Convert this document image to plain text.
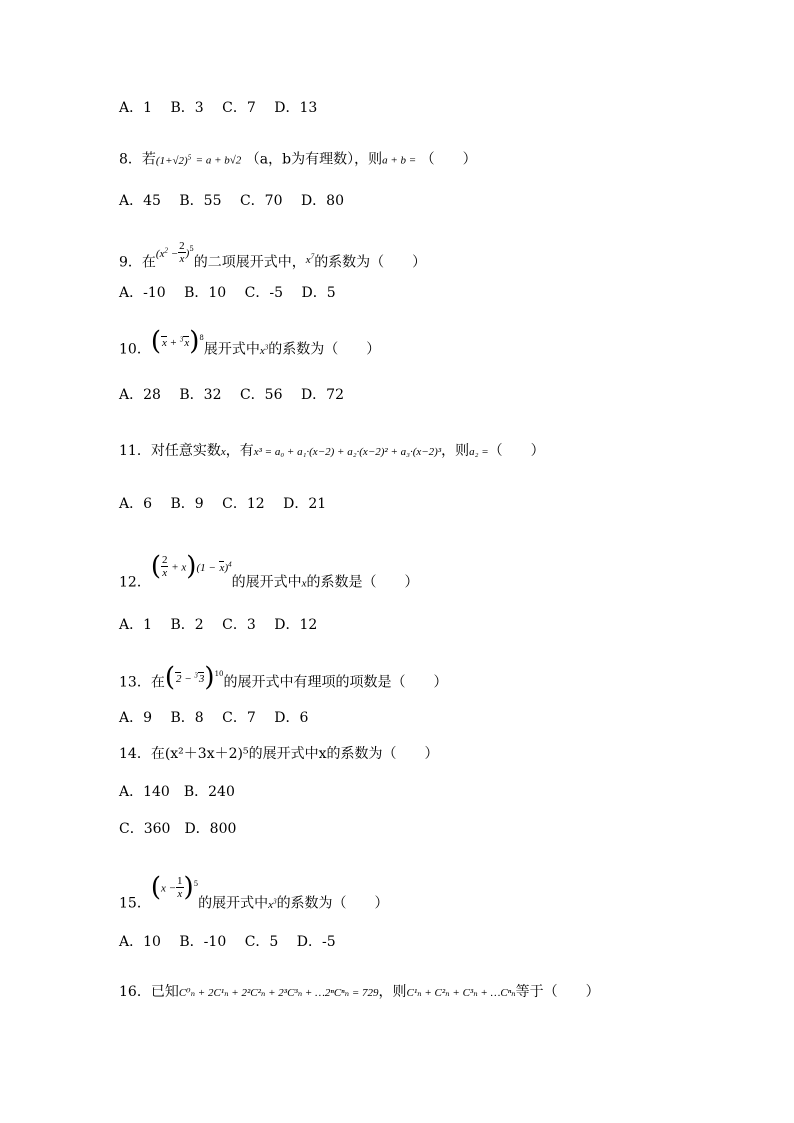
A．1 B．3 C．7 D．13
8．若$(1+√2)^5 = a + b√2$ （a，b为有理数），则a + b = （　　）
A．45 B．55 C．70 D．80
9．在$(x^2 - \frac{2}{x} )^5$的二项展开式中，$^{x^7}$的系数为（　　）
A．-10 B．10 C．-5 D．5
10．$(x + ^3x)^8$展开式中$x^3$的系数为（　　）
A．28 B．32 C．56 D．72
11．对任意实数x，有x³ = a₀ + a₁·(x−2) + a₂·(x−2)² + a₃·(x−2)³，则a₂ =（　　）
A．6 B．9 C．12 D．21
12．( $\frac{2}{x} + x)(1 - x)^4$的展开式中x的系数是（　　）
A．1 B．2 C．3 D．12
13．在$(2 - ^33)^{10}$的展开式中有理项的项数是（　　）
A．9 B．8 C．7 D．6
14．在(x²＋3x＋2)⁵的展开式中x的系数为（　　）
A．140 B．240
C．360 D．800
15．$(x - \frac{1}{x} )^5$的展开式中$x^3$的系数为（　　）
A．10 B．-10 C．5 D．-5
16．已知C⁰ₙ + 2C¹ₙ + 2²C²ₙ + 2³C³ₙ + …2ⁿCⁿₙ = 729，则C¹ₙ + C²ₙ + C³ₙ + …Cⁿₙ等于（　　）
